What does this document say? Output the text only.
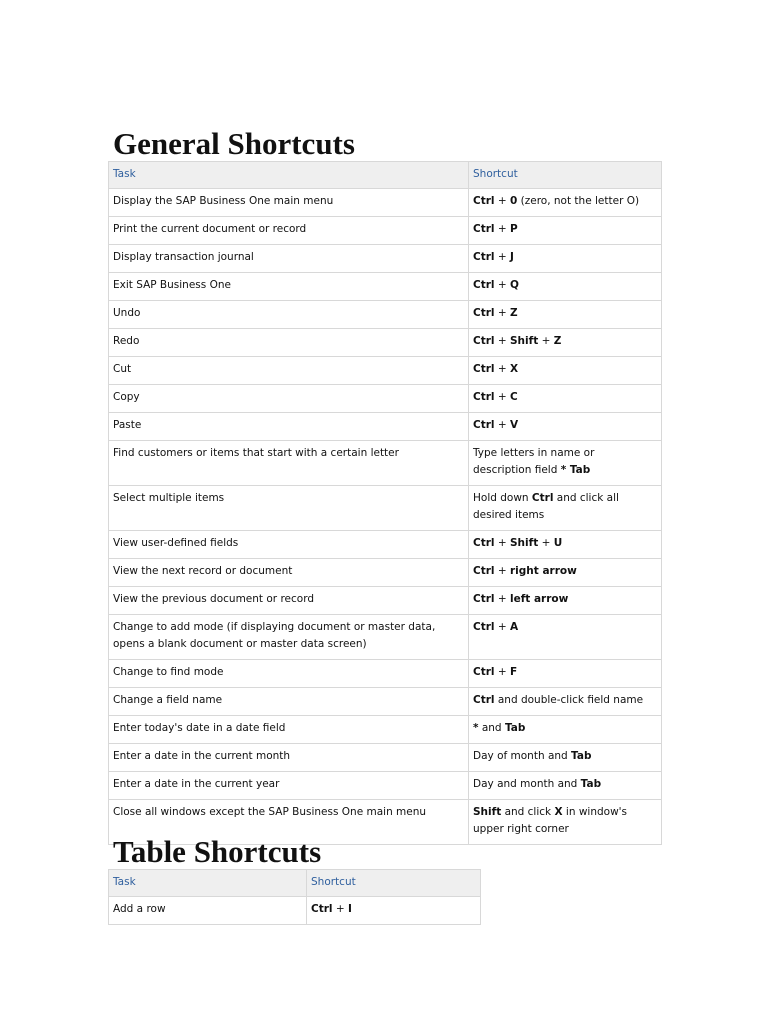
General Shortcuts
Task	Shortcut
Display the SAP Business One main menu	Ctrl + 0 (zero, not the letter O)
Print the current document or record	Ctrl + P
Display transaction journal	Ctrl + J
Exit SAP Business One	Ctrl + Q
Undo	Ctrl + Z
Redo	Ctrl + Shift + Z
Cut	Ctrl + X
Copy	Ctrl + C
Paste	Ctrl + V
Find customers or items that start with a certain letter	Type letters in name or description field * Tab
Select multiple items	Hold down Ctrl and click all desired items
View user-defined fields	Ctrl + Shift + U
View the next record or document	Ctrl + right arrow
View the previous document or record	Ctrl + left arrow
Change to add mode (if displaying document or master data, opens a blank document or master data screen)	Ctrl + A
Change to find mode	Ctrl + F
Change a field name	Ctrl and double-click field name
Enter today's date in a date field	* and Tab
Enter a date in the current month	Day of month and Tab
Enter a date in the current year	Day and month and Tab
Close all windows except the SAP Business One main menu	Shift and click X in window's upper right corner
Table Shortcuts
Task	Shortcut
Add a row	Ctrl + I
